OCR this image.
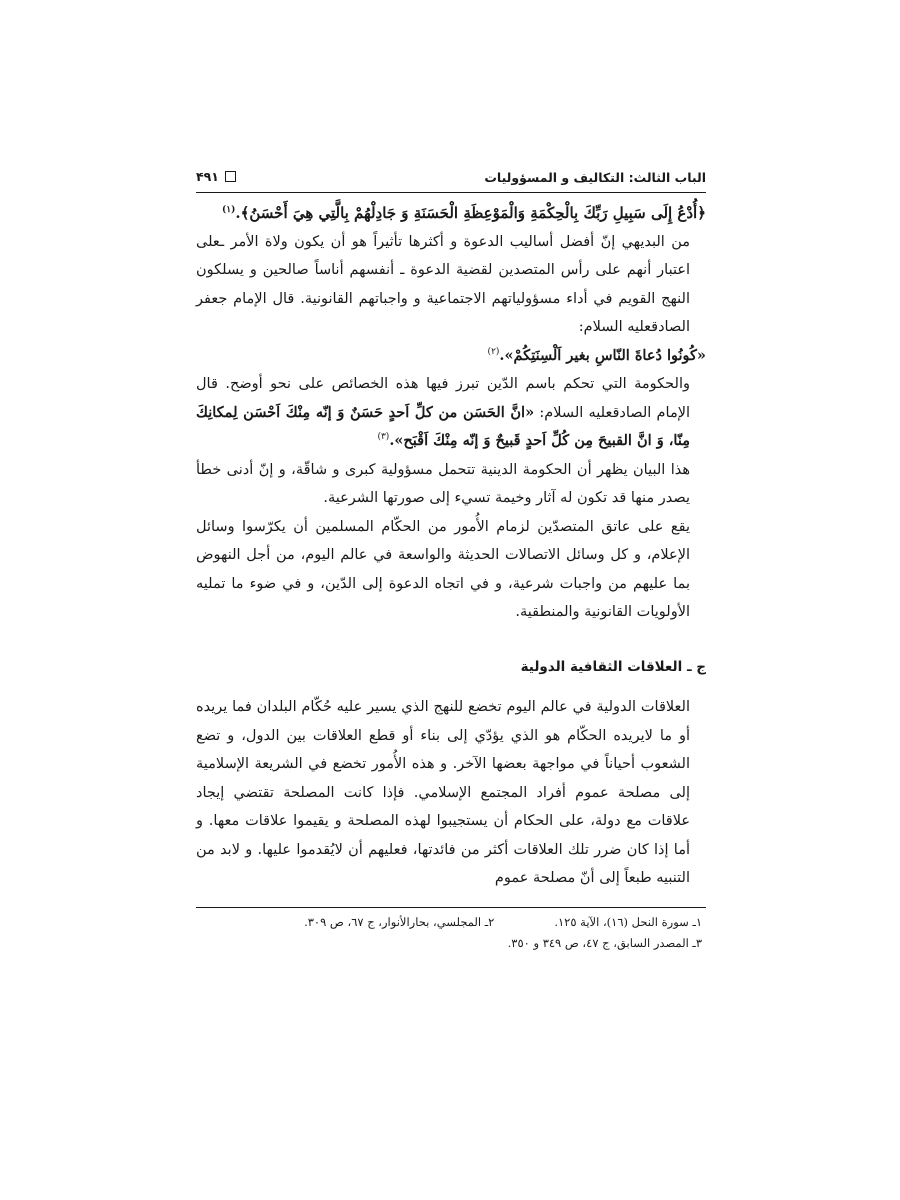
الباب الثالث: التكاليف و المسؤوليات
۴۹۱

﴿أُدْعُ إِلَى سَبِيلِ رَبِّكَ بِالْحِكْمَةِ وَالْمَوْعِظَةِ الْحَسَنَةِ وَ جَادِلْهُمْ بِالَّتِي هِيَ أَحْسَنُ﴾.$^{(١)}$

من البديهي إنّ أفضل أساليب الدعوة و أكثرها تأثيراً هو أن يكون ولاة الأمر ـعلى اعتبار أنهم على رأس المتصدين لقضية الدعوة ـ أنفسهم أناساً صالحين و يسلكون النهج القويم في أداء مسؤولياتهم الاجتماعية و واجباتهم القانونية. قال الإمام جعفر الصادقعليه السلام:

«كُونُوا دُعاةَ النّاسِ بغير اَلْسِنَتِكُمْ».$^{(٢)}$

والحكومة التي تحكم باسم الدّين تبرز فيها هذه الخصائص على نحو أوضح. قال الإمام الصادقعليه السلام: «انَّ الحَسَن من كلِّ اَحدٍ حَسَنٌ وَ إنّه مِنْكَ اَحْسَن لِمكانِكَ مِنّا، وَ انَّ القبيحَ مِن كُلِّ اَحدٍ قَبيحٌ وَ إنّه مِنْكَ اَقْبَح».$^{(٣)}$

هذا البيان يظهر أن الحكومة الدينية تتحمل مسؤولية كبرى و شاقّة، و إنّ أدنى خطأ يصدر منها قد تكون له آثار وخيمة تسيء إلى صورتها الشرعية.

يقع على عاتق المتصدّين لزمام الأُمور من الحكّام المسلمين أن يكرّسوا وسائل الإعلام، و كل وسائل الاتصالات الحديثة والواسعة في عالم اليوم، من أجل النهوض بما عليهم من واجبات شرعية، و في اتجاه الدعوة إلى الدّين، و في ضوء ما تمليه الأولويات القانونية والمنطقية.

ج ـ العلاقات الثقافية الدولية

العلاقات الدولية في عالم اليوم تخضع للنهج الذي يسير عليه حُكّام البلدان فما يريده أو ما لايريده الحكّام هو الذي يؤدّي إلى بناء أو قطع العلاقات بين الدول، و تضع الشعوب أحياناً في مواجهة بعضها الآخر. و هذه الأُمور تخضع في الشريعة الإسلامية إلى مصلحة عموم أفراد المجتمع الإسلامي. فإذا كانت المصلحة تقتضي إيجاد علاقات مع دولة، على الحكام أن يستجيبوا لهذه المصلحة و يقيموا علاقات معها. و أما إذا كان ضرر تلك العلاقات أكثر من فائدتها، فعليهم أن لايُقدموا عليها. و لابد من التنبيه طبعاً إلى أنّ مصلحة عموم

١ـ سورة النحل (١٦)، الآية ١٢٥.
٢ـ المجلسي، بحارالأنوار، ج ٦٧، ص ٣٠٩.
٣ـ المصدر السابق، ج ٤٧، ص ٣٤٩ و ٣٥٠.
